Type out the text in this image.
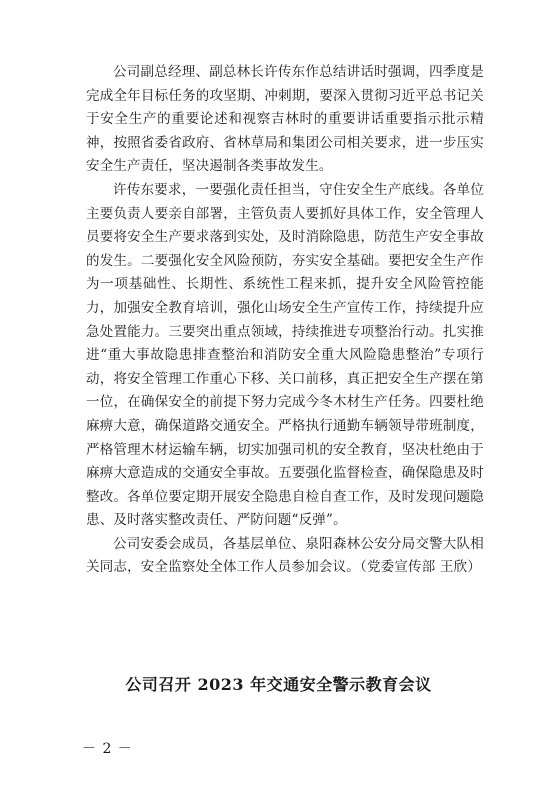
公司副总经理、副总林长许传东作总结讲话时强调，四季度是完成全年目标任务的攻坚期、冲刺期，要深入贯彻习近平总书记关于安全生产的重要论述和视察吉林时的重要讲话重要指示批示精神，按照省委省政府、省林草局和集团公司相关要求，进一步压实安全生产责任，坚决遏制各类事故发生。

许传东要求，一要强化责任担当，守住安全生产底线。各单位主要负责人要亲自部署，主管负责人要抓好具体工作，安全管理人员要将安全生产要求落到实处，及时消除隐患，防范生产安全事故的发生。二要强化安全风险预防，夯实安全基础。要把安全生产作为一项基础性、长期性、系统性工程来抓，提升安全风险管控能力，加强安全教育培训，强化山场安全生产宣传工作，持续提升应急处置能力。三要突出重点领域，持续推进专项整治行动。扎实推进“重大事故隐患排查整治和消防安全重大风险隐患整治”专项行动，将安全管理工作重心下移、关口前移，真正把安全生产摆在第一位，在确保安全的前提下努力完成今冬木材生产任务。四要杜绝麻痹大意，确保道路交通安全。严格执行通勤车辆领导带班制度，严格管理木材运输车辆，切实加强司机的安全教育，坚决杜绝由于麻痹大意造成的交通安全事故。五要强化监督检查，确保隐患及时整改。各单位要定期开展安全隐患自检自查工作，及时发现问题隐患、及时落实整改责任、严防问题“反弹”。

公司安委会成员，各基层单位、泉阳森林公安分局交警大队相关同志，安全监察处全体工作人员参加会议。（党委宣传部 王欣）

公司召开 2023 年交通安全警示教育会议
－ 2 －
